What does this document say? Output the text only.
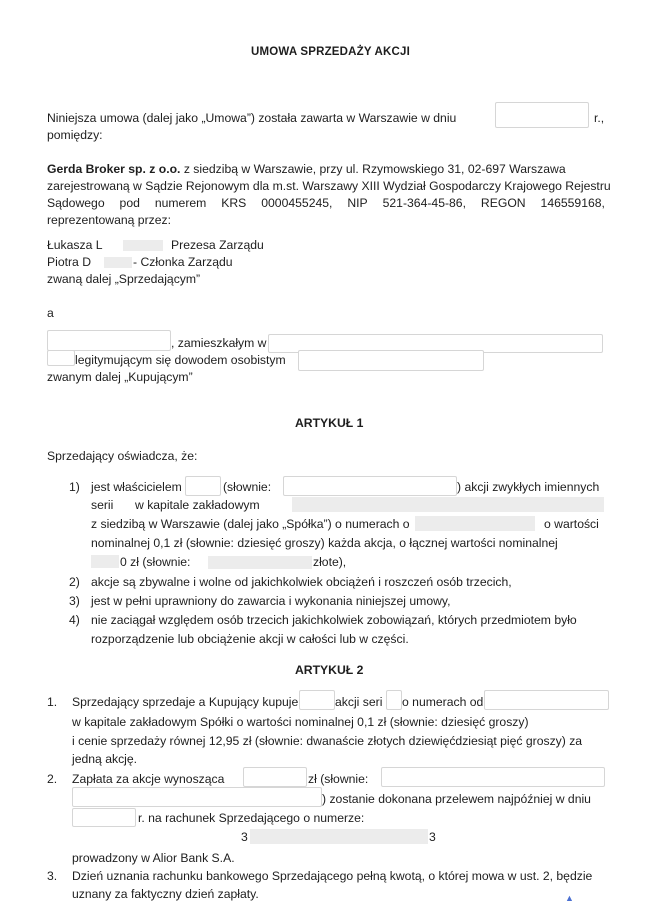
UMOWA SPRZEDAŻY AKCJI
Niniejsza umowa (dalej jako „Umowa”) została zawarta w Warszawie w dniu	r.,
pomiędzy:
Gerda Broker sp. z o.o. z siedzibą w Warszawie, przy ul. Rzymowskiego 31, 02-697 Warszawa
zarejestrowaną w Sądzie Rejonowym dla m.st. Warszawy XIII Wydział Gospodarczy Krajowego Rejestru
Sądowego pod numerem KRS 0000455245, NIP 521-364-45-86, REGON 146559168,
reprezentowaną przez:
Łukasza L	Prezesa Zarządu
Piotra D	- Członka Zarządu
zwaną dalej „Sprzedającym”
a
, zamieszkałym w
legitymującym się dowodem osobistym
zwanym dalej „Kupującym”
ARTYKUŁ 1
Sprzedający oświadcza, że:
1) jest właścicielem	(słownie:	) akcji zwykłych imiennych
serii w kapitale zakładowym
z siedzibą w Warszawie (dalej jako „Spółka”) o numerach o	o wartości
nominalnej 0,1 zł (słownie: dziesięć groszy) każda akcja, o łącznej wartości nominalnej
0 zł (słownie:	złote),
2) akcje są zbywalne i wolne od jakichkolwiek obciążeń i roszczeń osób trzecich,
3) jest w pełni uprawniony do zawarcia i wykonania niniejszej umowy,
4) nie zaciągał względem osób trzecich jakichkolwiek zobowiązań, których przedmiotem było
rozporządzenie lub obciążenie akcji w całości lub w części.
ARTYKUŁ 2
1. Sprzedający sprzedaje a Kupujący kupuje	akcji seri o numerach od
w kapitale zakładowym Spółki o wartości nominalnej 0,1 zł (słownie: dziesięć groszy)
i cenie sprzedaży równej 12,95 zł (słownie: dwanaście złotych dziewięćdziesiąt pięć groszy) za
jedną akcję.
2. Zapłata za akcje wynosząca	zł (słownie:
) zostanie dokonana przelewem najpóźniej w dniu
r. na rachunek Sprzedającego o numerze:
3	3
prowadzony w Alior Bank S.A.
3. Dzień uznania rachunku bankowego Sprzedającego pełną kwotą, o której mowa w ust. 2, będzie
uznany za faktyczny dzień zapłaty.	▲
